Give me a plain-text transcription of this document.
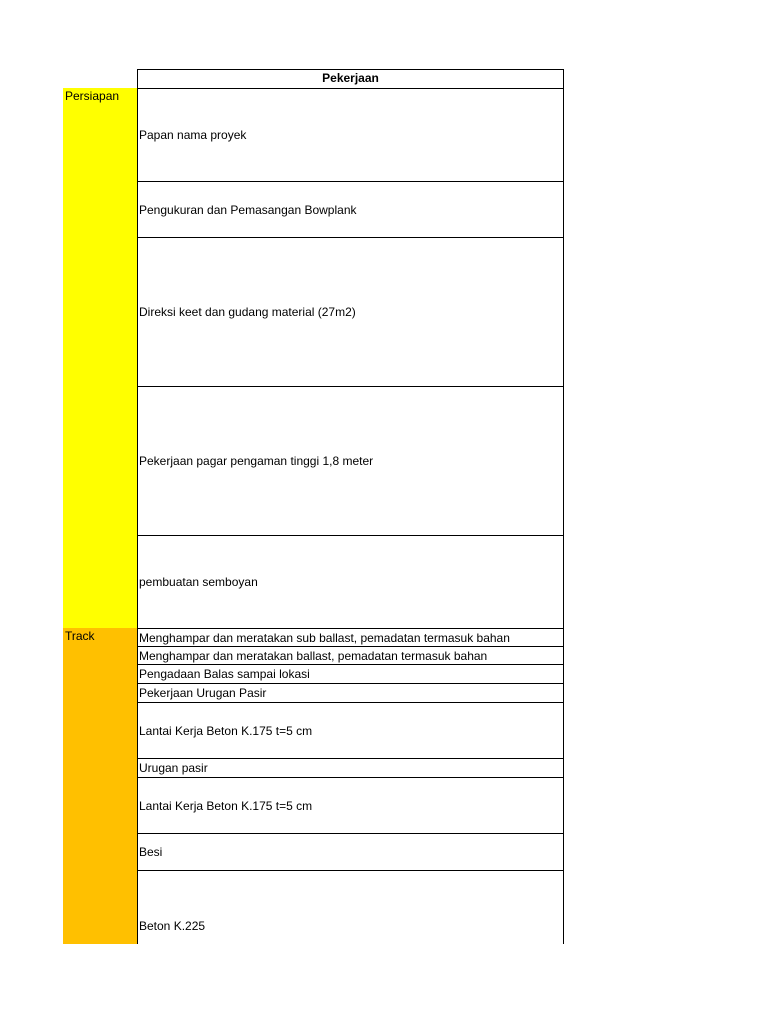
Persiapan
Track
Pekerjaan
Papan nama proyek
Pengukuran dan Pemasangan Bowplank
Direksi keet dan gudang material (27m2)
Pekerjaan pagar pengaman tinggi 1,8 meter
pembuatan semboyan
Menghampar dan meratakan sub ballast, pemadatan termasuk bahan
Menghampar dan meratakan ballast, pemadatan termasuk bahan
Pengadaan Balas sampai lokasi
Pekerjaan Urugan Pasir
Lantai Kerja Beton K.175 t=5 cm
Urugan pasir
Lantai Kerja Beton K.175 t=5 cm
Besi
Beton K.225
